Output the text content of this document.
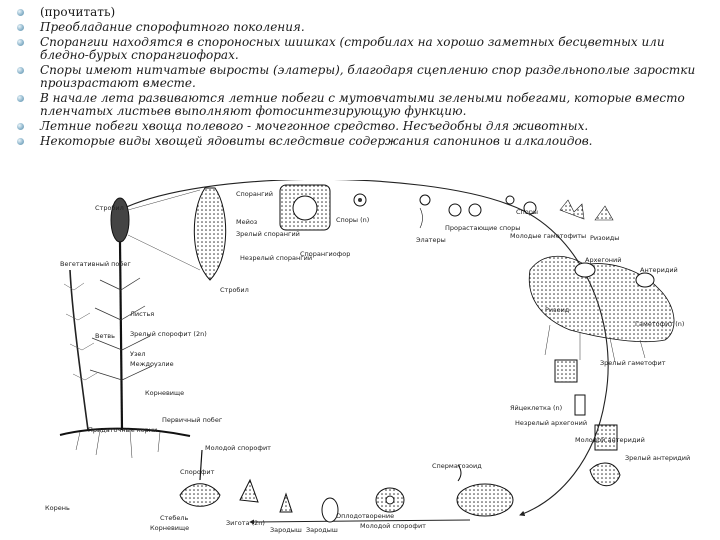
(прочитать)
Преобладание спорофитного поколения.
Спорангии находятся в спороносных шишках (стробилах на хорошо заметных бесцветных или бледно-бурых спорангиофорах.
Споры имеют нитчатые выросты (элатеры), благодаря сцеплению спор раздельнополые заростки произрастают вместе.
В начале лета развиваются летние побеги с мутовчатыми зелеными побегами, которые вместо пленчатых листьев выполняют фотосинтезирующую функцию.
Летние побеги хвоща полевого - мочегонное средство. Несъедобны для животных.
Некоторые виды хвощей ядовиты вследствие содержания сапонинов и алкалоидов.
Стробил
Спорангий
Мейоз
Зрелый спорангий
Незрелый спорангий
Споры (n)
Спорангиофор
Стробил
Вегетативный побег
Листья
Ветвь Зрелый спорофит (2n)
Узел
Междоузлие
Корневище
Придаточные корни
Первичный побег
Молодой спорофит
Спорофит
Корень
Стебель
Корневище
Зигота (2n)
Зародыш
Оплодотворение
Молодой спорофит
Сперматозоид
Яйцеклетка (n)
Зрелый антеридий
Незрелый архегоний
Молодой антеридий
Зрелый гаметофит
Ризоид
Архегоний
Антеридий
Гаметофит (n)
Элатеры
Споры
Прорастающие споры
Ризоиды
Молодые гаметофиты
Зародыш
